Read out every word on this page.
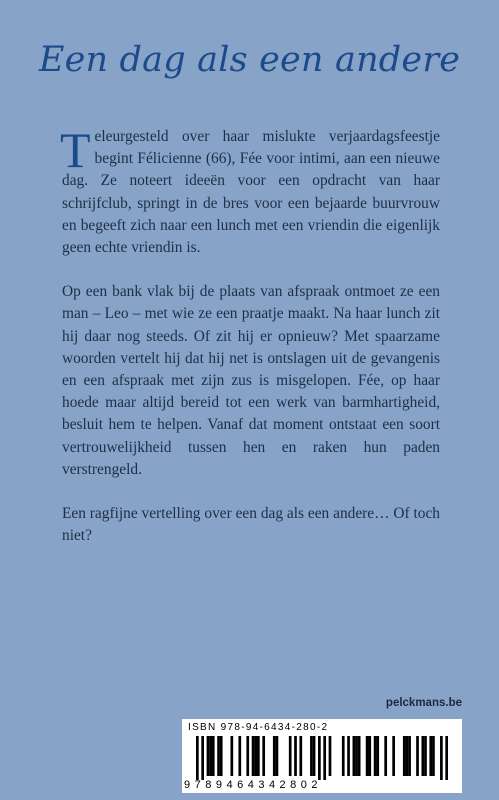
Een dag als een andere

Teleurgesteld over haar mislukte verjaardagsfeestje begint Félicienne (66), Fée voor intimi, aan een nieuwe dag. Ze noteert ideeën voor een opdracht van haar schrijfclub, springt in de bres voor een bejaarde buurvrouw en begeeft zich naar een lunch met een vriendin die eigenlijk geen echte vriendin is.

Op een bank vlak bij de plaats van afspraak ontmoet ze een man – Leo – met wie ze een praatje maakt. Na haar lunch zit hij daar nog steeds. Of zit hij er opnieuw? Met spaarzame woorden vertelt hij dat hij net is ontslagen uit de gevangenis en een afspraak met zijn zus is misgelopen. Fée, op haar hoede maar altijd bereid tot een werk van barmhartigheid, besluit hem te helpen. Vanaf dat moment ontstaat een soort vertrouwelijkheid tussen hen en raken hun paden verstrengeld.

Een ragfijne vertelling over een dag als een andere… Of toch niet?

pelckmans.be
ISBN 978-94-6434-280-2
9789464342802
